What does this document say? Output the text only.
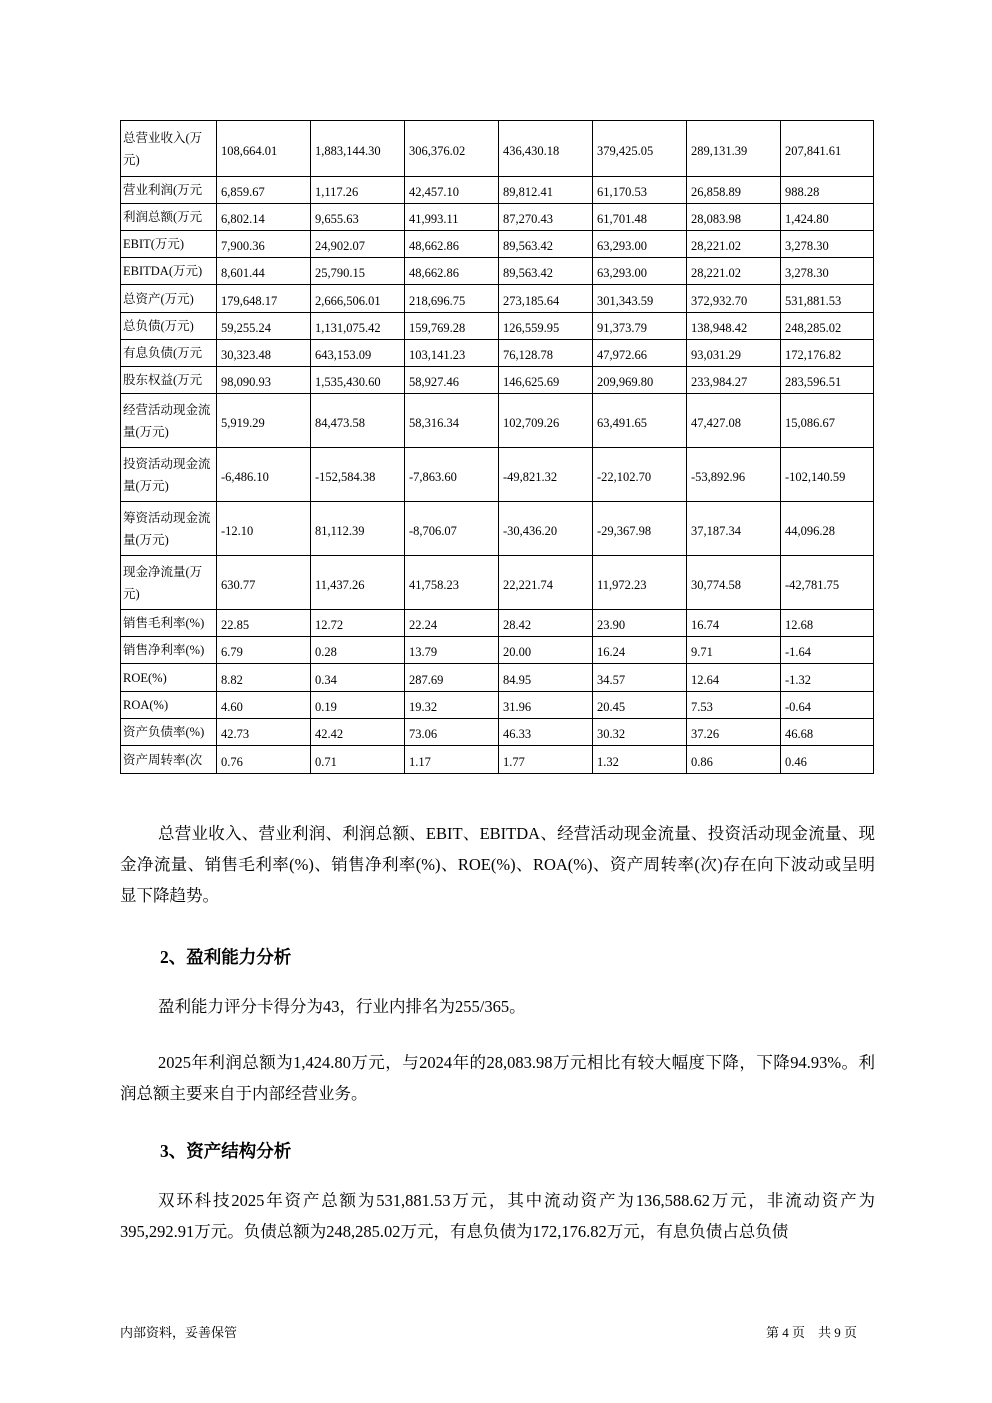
总营业收入(万元)	108,664.01	1,883,144.30	306,376.02	436,430.18	379,425.05	289,131.39	207,841.61
营业利润(万元	6,859.67	1,117.26	42,457.10	89,812.41	61,170.53	26,858.89	988.28
利润总额(万元	6,802.14	9,655.63	41,993.11	87,270.43	61,701.48	28,083.98	1,424.80
EBIT(万元)	7,900.36	24,902.07	48,662.86	89,563.42	63,293.00	28,221.02	3,278.30
EBITDA(万元)	8,601.44	25,790.15	48,662.86	89,563.42	63,293.00	28,221.02	3,278.30
总资产(万元)	179,648.17	2,666,506.01	218,696.75	273,185.64	301,343.59	372,932.70	531,881.53
总负债(万元)	59,255.24	1,131,075.42	159,769.28	126,559.95	91,373.79	138,948.42	248,285.02
有息负债(万元	30,323.48	643,153.09	103,141.23	76,128.78	47,972.66	93,031.29	172,176.82
股东权益(万元	98,090.93	1,535,430.60	58,927.46	146,625.69	209,969.80	233,984.27	283,596.51
经营活动现金流量(万元)	5,919.29	84,473.58	58,316.34	102,709.26	63,491.65	47,427.08	15,086.67
投资活动现金流量(万元)	-6,486.10	-152,584.38	-7,863.60	-49,821.32	-22,102.70	-53,892.96	-102,140.59
筹资活动现金流量(万元)	-12.10	81,112.39	-8,706.07	-30,436.20	-29,367.98	37,187.34	44,096.28
现金净流量(万元)	630.77	11,437.26	41,758.23	22,221.74	11,972.23	30,774.58	-42,781.75
销售毛利率(%)	22.85	12.72	22.24	28.42	23.90	16.74	12.68
销售净利率(%)	6.79	0.28	13.79	20.00	16.24	9.71	-1.64
ROE(%)	8.82	0.34	287.69	84.95	34.57	12.64	-1.32
ROA(%)	4.60	0.19	19.32	31.96	20.45	7.53	-0.64
资产负债率(%)	42.73	42.42	73.06	46.33	30.32	37.26	46.68
资产周转率(次	0.76	0.71	1.17	1.77	1.32	0.86	0.46

总营业收入、营业利润、利润总额、EBIT、EBITDA、经营活动现金流量、投资活动现金流量、现金净流量、销售毛利率(%)、销售净利率(%)、ROE(%)、ROA(%)、资产周转率(次)存在向下波动或呈明显下降趋势。

2、盈利能力分析

盈利能力评分卡得分为43，行业内排名为255/365。

2025年利润总额为1,424.80万元，与2024年的28,083.98万元相比有较大幅度下降，下降94.93%。利润总额主要来自于内部经营业务。

3、资产结构分析

双环科技2025年资产总额为531,881.53万元，其中流动资产为136,588.62万元，非流动资产为395,292.91万元。负债总额为248,285.02万元，有息负债为172,176.82万元，有息负债占总负债

内部资料，妥善保管	第 4 页　共 9 页
